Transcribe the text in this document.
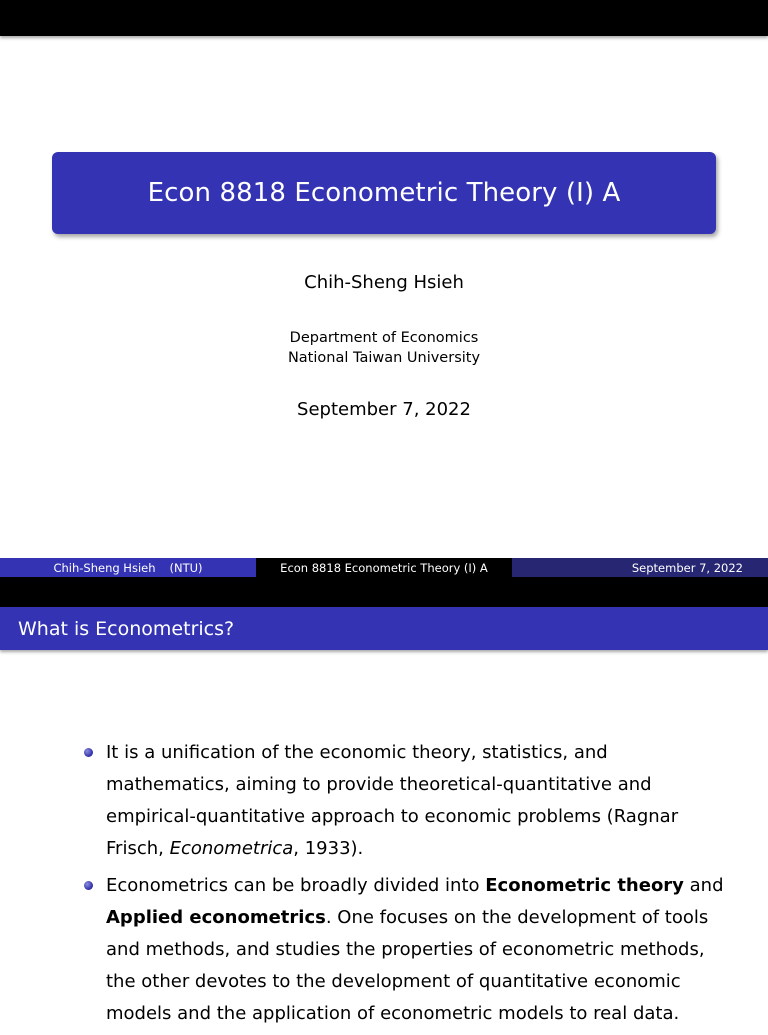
Econ 8818 Econometric Theory (I) A
Chih-Sheng Hsieh
Department of Economics
National Taiwan University
September 7, 2022
Chih-Sheng Hsieh (NTU)	Econ 8818 Econometric Theory (I) A	September 7, 2022
What is Econometrics?
It is a unification of the economic theory, statistics, and mathematics, aiming to provide theoretical-quantitative and empirical-quantitative approach to economic problems (Ragnar Frisch, Econometrica, 1933).
Econometrics can be broadly divided into Econometric theory and Applied econometrics. One focuses on the development of tools and methods, and studies the properties of econometric methods, the other devotes to the development of quantitative economic models and the application of econometric models to real data.
